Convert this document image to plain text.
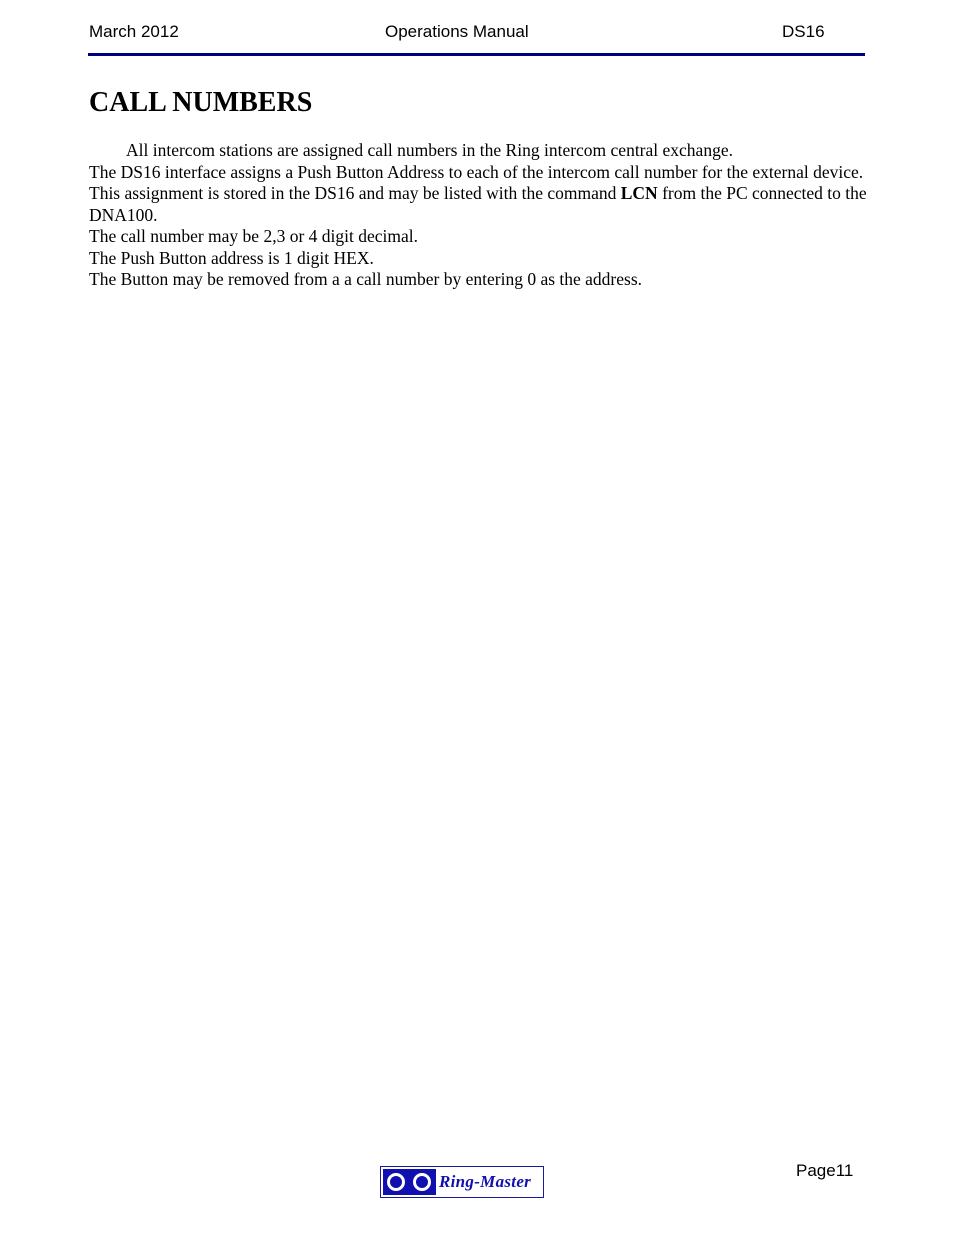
March 2012	Operations Manual	DS16
CALL NUMBERS

All intercom stations are assigned call numbers in the Ring intercom central exchange.

The DS16 interface assigns a Push Button Address to each of the intercom call number for the external device. This assignment is stored in the DS16 and may be listed with the command LCN from the PC connected to the DNA100.

The call number may be 2,3 or 4 digit decimal.

The Push Button address is 1 digit HEX.

The Button may be removed from a a call number by entering 0 as the address.

Ring-Master
Page11
